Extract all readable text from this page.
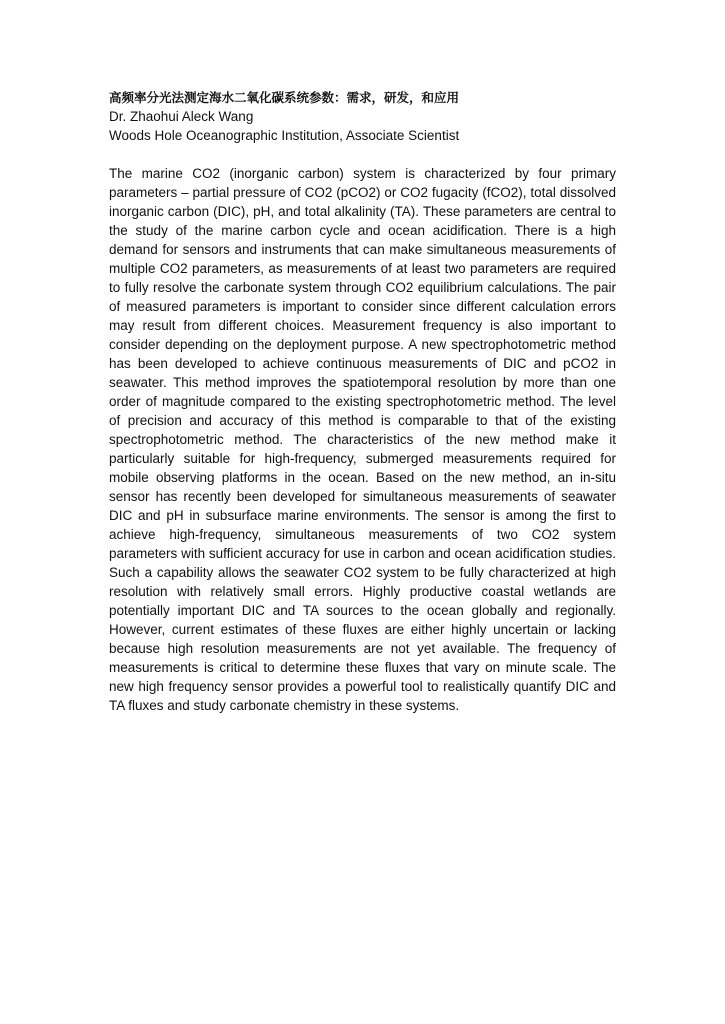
高频率分光法测定海水二氧化碳系统参数：需求，研发，和应用

Dr. Zhaohui Aleck Wang

Woods Hole Oceanographic Institution, Associate Scientist

The marine CO2 (inorganic carbon) system is characterized by four primary parameters – partial pressure of CO2 (pCO2) or CO2 fugacity (fCO2), total dissolved inorganic carbon (DIC), pH, and total alkalinity (TA). These parameters are central to the study of the marine carbon cycle and ocean acidification. There is a high demand for sensors and instruments that can make simultaneous measurements of multiple CO2 parameters, as measurements of at least two parameters are required to fully resolve the carbonate system through CO2 equilibrium calculations. The pair of measured parameters is important to consider since different calculation errors may result from different choices. Measurement frequency is also important to consider depending on the deployment purpose. A new spectrophotometric method has been developed to achieve continuous measurements of DIC and pCO2 in seawater. This method improves the spatiotemporal resolution by more than one order of magnitude compared to the existing spectrophotometric method. The level of precision and accuracy of this method is comparable to that of the existing spectrophotometric method. The characteristics of the new method make it particularly suitable for high-frequency, submerged measurements required for mobile observing platforms in the ocean. Based on the new method, an in-situ sensor has recently been developed for simultaneous measurements of seawater DIC and pH in subsurface marine environments. The sensor is among the first to achieve high-frequency, simultaneous measurements of two CO2 system parameters with sufficient accuracy for use in carbon and ocean acidification studies. Such a capability allows the seawater CO2 system to be fully characterized at high resolution with relatively small errors. Highly productive coastal wetlands are potentially important DIC and TA sources to the ocean globally and regionally. However, current estimates of these fluxes are either highly uncertain or lacking because high resolution measurements are not yet available. The frequency of measurements is critical to determine these fluxes that vary on minute scale. The new high frequency sensor provides a powerful tool to realistically quantify DIC and TA fluxes and study carbonate chemistry in these systems.
